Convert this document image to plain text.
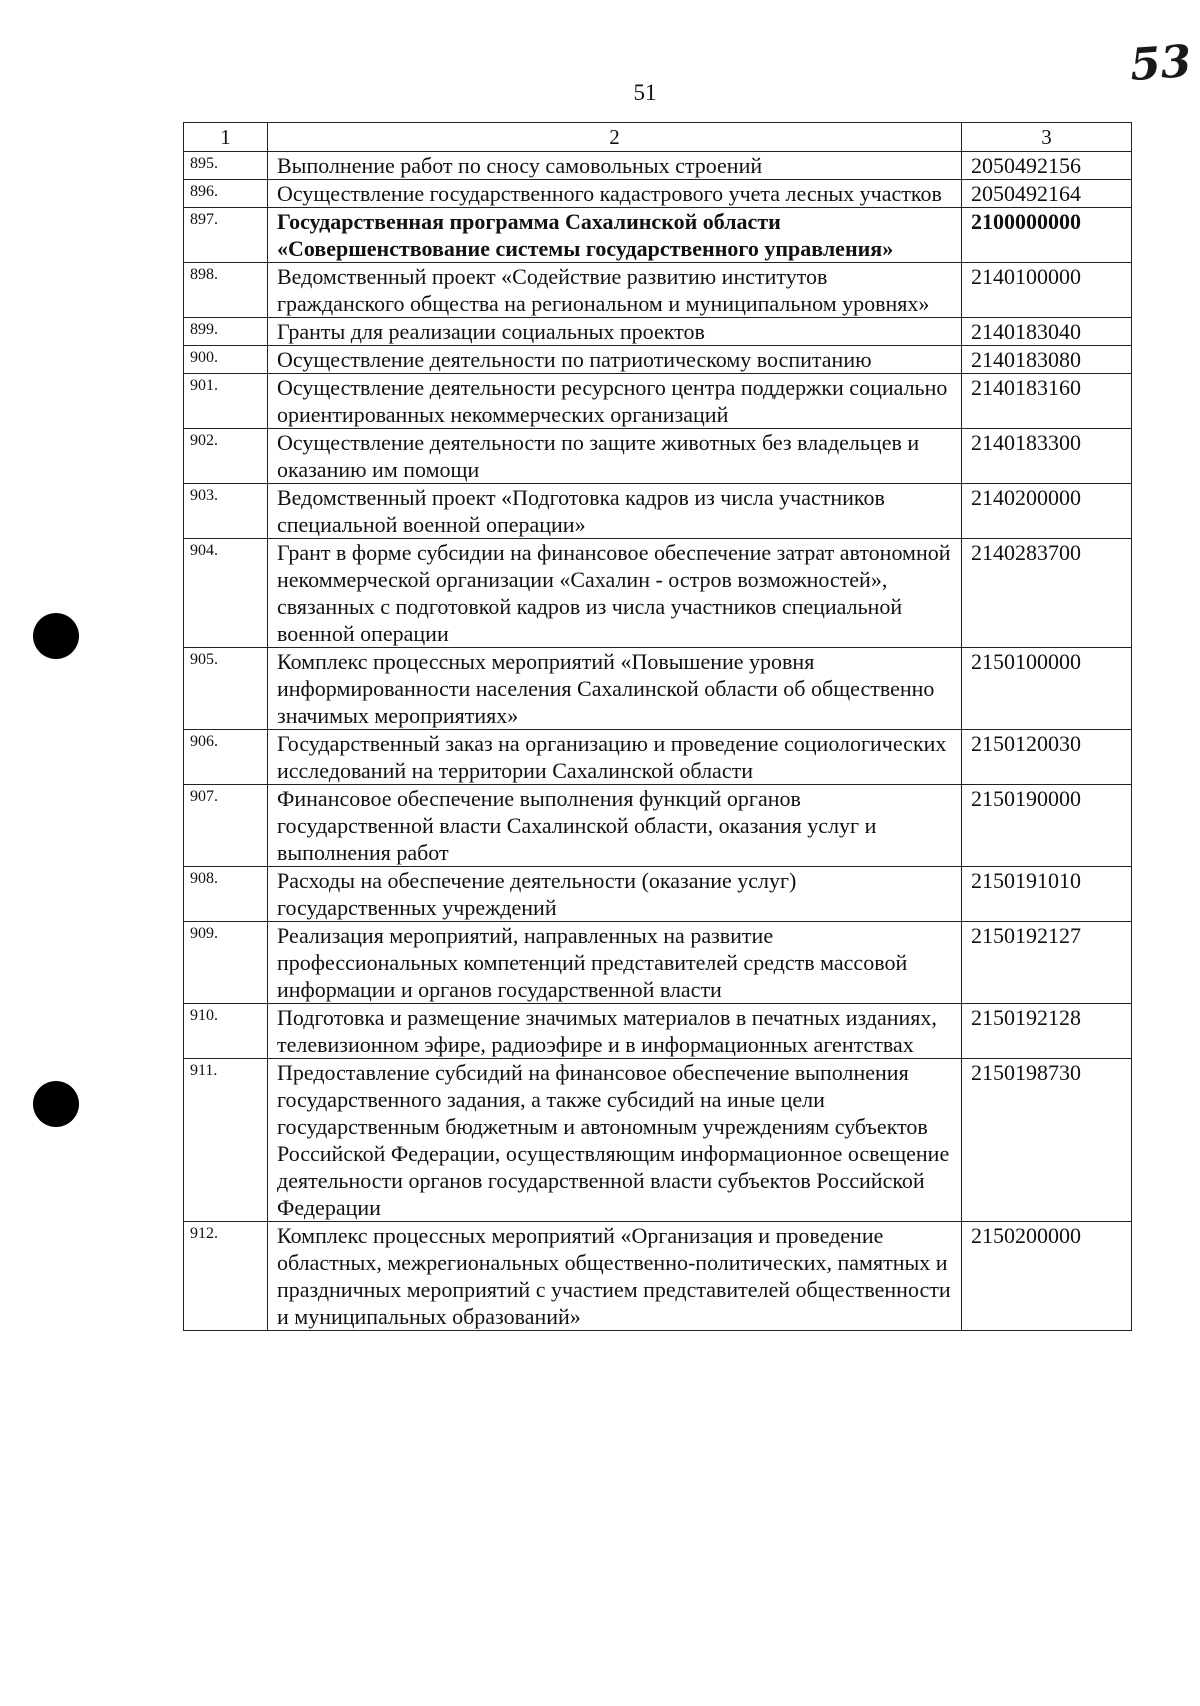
51
53
1	2	3
895.	Выполнение работ по сносу самовольных строений	2050492156
896.	Осуществление государственного кадастрового учета лесных участков	2050492164
897.	Государственная программа Сахалинской области «Совершенствование системы государственного управления»	2100000000
898.	Ведомственный проект «Содействие развитию институтов гражданского общества на региональном и муниципальном уровнях»	2140100000
899.	Гранты для реализации социальных проектов	2140183040
900.	Осуществление деятельности по патриотическому воспитанию	2140183080
901.	Осуществление деятельности ресурсного центра поддержки социально ориентированных некоммерческих организаций	2140183160
902.	Осуществление деятельности по защите животных без владельцев и оказанию им помощи	2140183300
903.	Ведомственный проект «Подготовка кадров из числа участников специальной военной операции»	2140200000
904.	Грант в форме субсидии на финансовое обеспечение затрат автономной некоммерческой организации «Сахалин - остров возможностей», связанных с подготовкой кадров из числа участников специальной военной операции	2140283700
905.	Комплекс процессных мероприятий «Повышение уровня информированности населения Сахалинской области об общественно значимых мероприятиях»	2150100000
906.	Государственный заказ на организацию и проведение социологических исследований на территории Сахалинской области	2150120030
907.	Финансовое обеспечение выполнения функций органов государственной власти Сахалинской области, оказания услуг и выполнения работ	2150190000
908.	Расходы на обеспечение деятельности (оказание услуг) государственных учреждений	2150191010
909.	Реализация мероприятий, направленных на развитие профессиональных компетенций представителей средств массовой информации и органов государственной власти	2150192127
910.	Подготовка и размещение значимых материалов в печатных изданиях, телевизионном эфире, радиоэфире и в информационных агентствах	2150192128
911.	Предоставление субсидий на финансовое обеспечение выполнения государственного задания, а также субсидий на иные цели государственным бюджетным и автономным учреждениям субъектов Российской Федерации, осуществляющим информационное освещение деятельности органов государственной власти субъектов Российской Федерации	2150198730
912.	Комплекс процессных мероприятий «Организация и проведение областных, межрегиональных общественно-политических, памятных и праздничных мероприятий с участием представителей общественности и муниципальных образований»	2150200000
